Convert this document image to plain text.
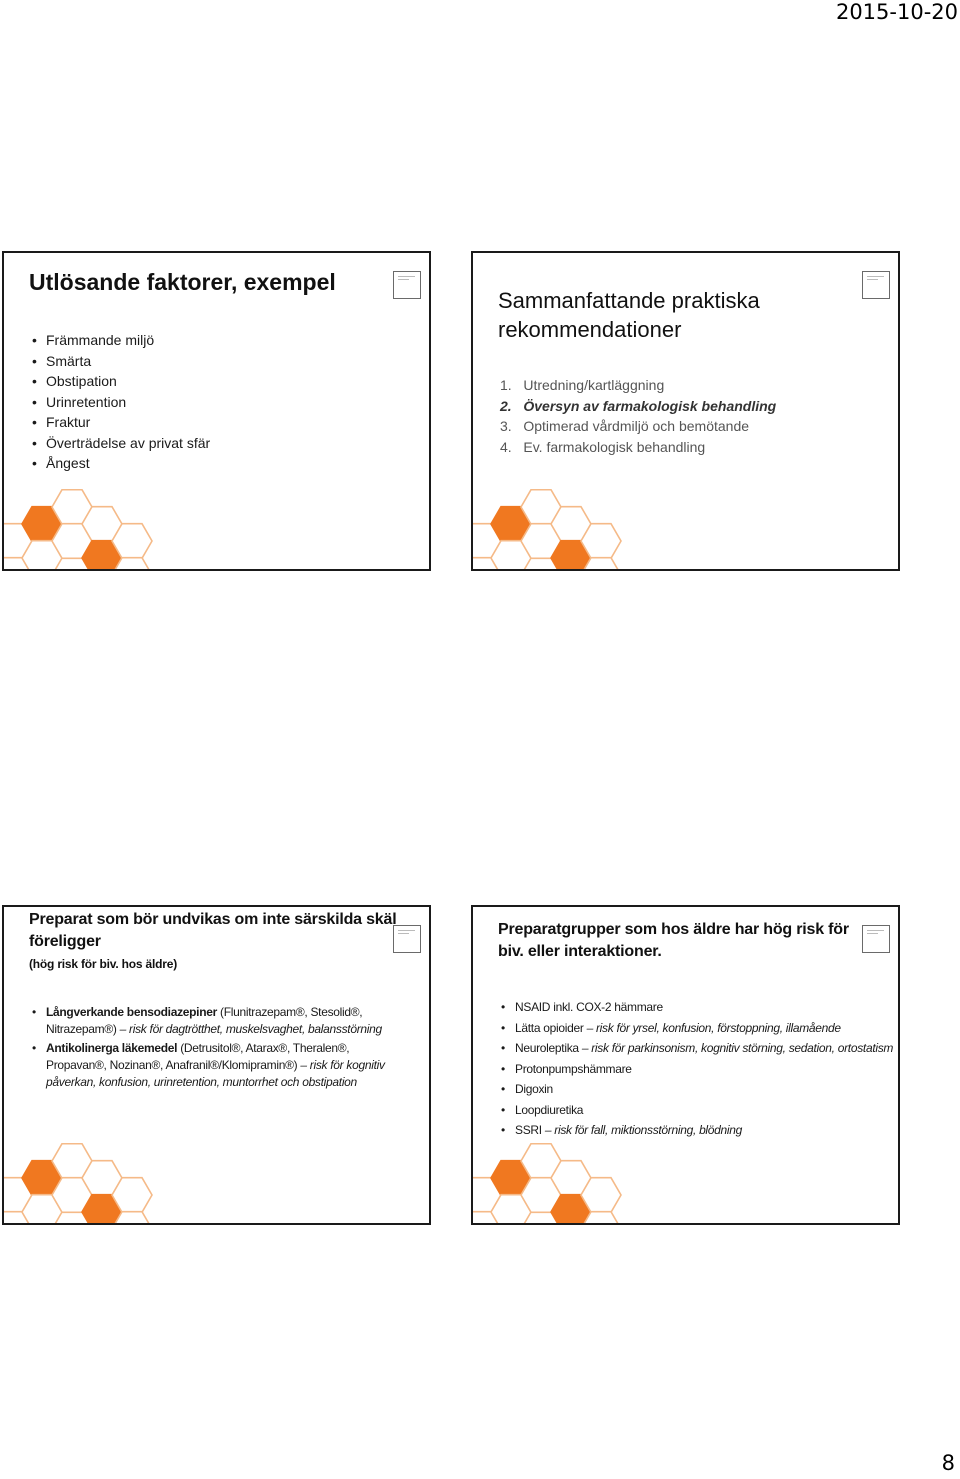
2015-10-20
Utlösande faktorer, exempel
• Främmande miljö
• Smärta
• Obstipation
• Urinretention
• Fraktur
• Överträdelse av privat sfär
• Ångest
Sammanfattande praktiska rekommendationer
1. Utredning/kartläggning
2. Översyn av farmakologisk behandling
3. Optimerad vårdmiljö och bemötande
4. Ev. farmakologisk behandling
Preparat som bör undvikas om inte särskilda skäl föreligger
(hög risk för biv. hos äldre)
• Långverkande bensodiazepiner (Flunitrazepam®, Stesolid®, Nitrazepam®) – risk för dagtrötthet, muskelsvaghet, balansstörning
• Antikolinerga läkemedel (Detrusitol®, Atarax®, Theralen®, Propavan®, Nozinan®, Anafranil®/Klomipramin®) – risk för kognitiv påverkan, konfusion, urinretention, muntorrhet och obstipation
Preparatgrupper som hos äldre har hög risk för biv. eller interaktioner.
• NSAID inkl. COX-2 hämmare
• Lätta opioider – risk för yrsel, konfusion, förstoppning, illamående
• Neuroleptika – risk för parkinsonism, kognitiv störning, sedation, ortostatism
• Protonpumpshämmare
• Digoxin
• Loopdiuretika
• SSRI – risk för fall, miktionsstörning, blödning
8
